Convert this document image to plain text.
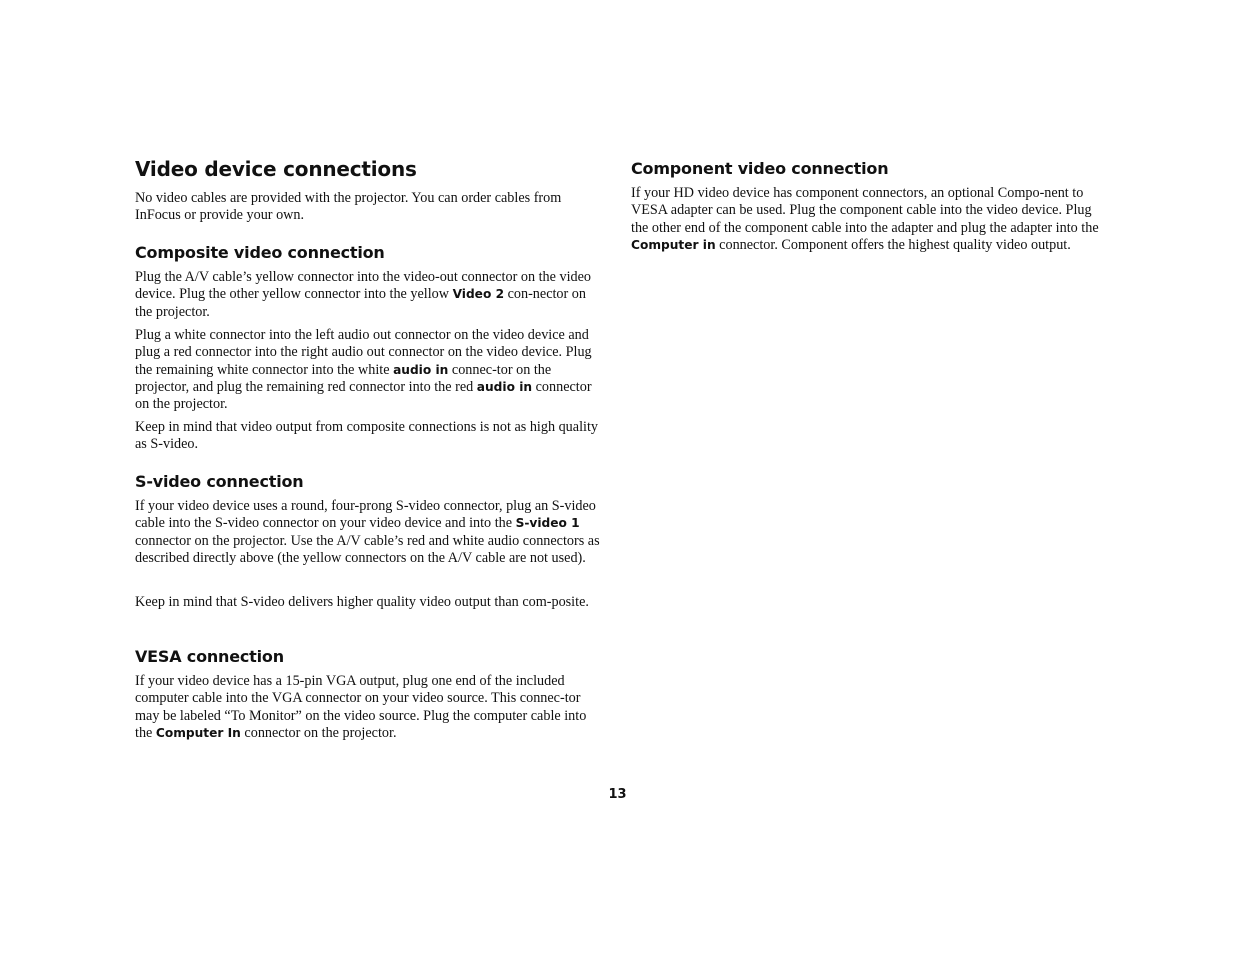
Video device connections

No video cables are provided with the projector. You can order cables from InFocus or provide your own.

Composite video connection

Plug the A/V cable’s yellow connector into the video-out connector on the video device. Plug the other yellow connector into the yellow Video 2 con-nector on the projector.

Plug a white connector into the left audio out connector on the video device and plug a red connector into the right audio out connector on the video device. Plug the remaining white connector into the white audio in connec-tor on the projector, and plug the remaining red connector into the red audio in connector on the projector.

Keep in mind that video output from composite connections is not as high quality as S-video.

S-video connection

If your video device uses a round, four-prong S-video connector, plug an S-video cable into the S-video connector on your video device and into the S-video 1 connector on the projector. Use the A/V cable’s red and white audio connectors as described directly above (the yellow connectors on the A/V cable are not used).

Keep in mind that S-video delivers higher quality video output than com-posite.

VESA connection

If your video device has a 15-pin VGA output, plug one end of the included computer cable into the VGA connector on your video source. This connec-tor may be labeled “To Monitor” on the video source. Plug the computer cable into the Computer In connector on the projector.

Component video connection

If your HD video device has component connectors, an optional Compo-nent to VESA adapter can be used. Plug the component cable into the video device. Plug the other end of the component cable into the adapter and plug the adapter into the Computer in connector. Component offers the highest quality video output.

13
